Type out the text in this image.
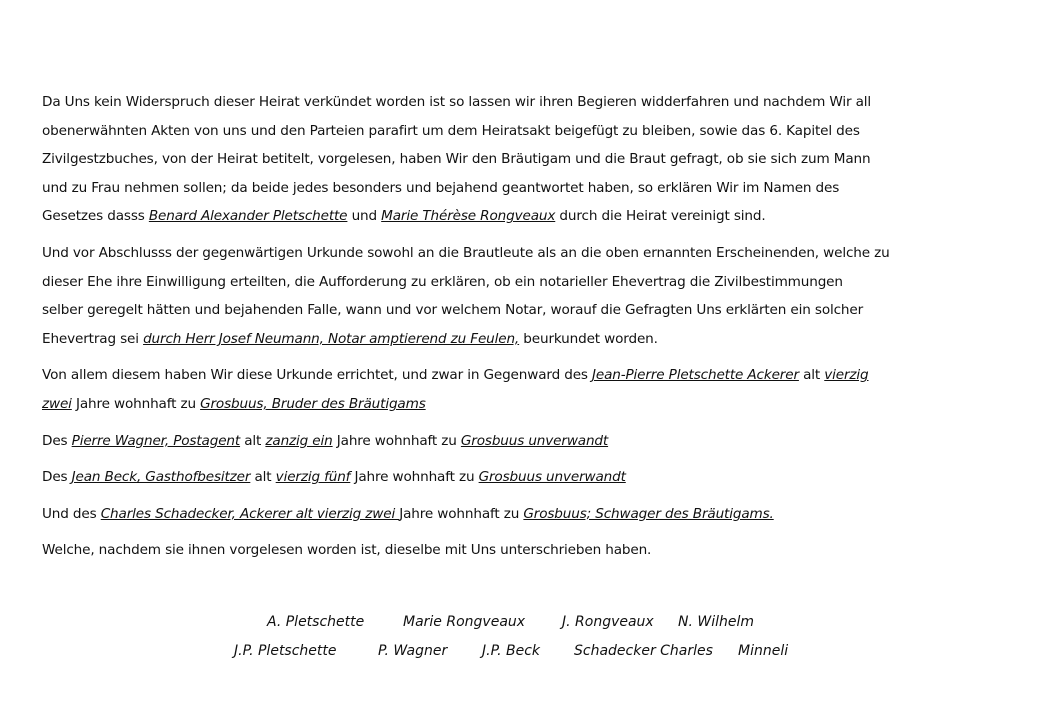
Da Uns kein Widerspruch dieser Heirat verkündet worden ist so lassen wir ihren Begieren widderfahren und nachdem Wir all
obenerwähnten Akten von uns und den Parteien parafirt um dem Heiratsakt beigefügt zu bleiben, sowie das 6. Kapitel des
Zivilgestzbuches, von der Heirat betitelt, vorgelesen, haben Wir den Bräutigam und die Braut gefragt, ob sie sich zum Mann
und zu Frau nehmen sollen; da beide jedes besonders und bejahend geantwortet haben, so erklären Wir im Namen des
Gesetzes dasss Benard Alexander Pletschette und Marie Thérèse Rongveaux durch die Heirat vereinigt sind.

Und vor Abschlusss der gegenwärtigen Urkunde sowohl an die Brautleute als an die oben ernannten Erscheinenden, welche zu
dieser Ehe ihre Einwilligung erteilten, die Aufforderung zu erklären, ob ein notarieller Ehevertrag die Zivilbestimmungen
selber geregelt hätten und bejahenden Falle, wann und vor welchem Notar, worauf die Gefragten Uns erklärten ein solcher
Ehevertrag sei durch Herr Josef Neumann, Notar amptierend zu Feulen, beurkundet worden.

Von allem diesem haben Wir diese Urkunde errichtet, und zwar in Gegenward des Jean-Pierre Pletschette Ackerer alt vierzig
zwei Jahre wohnhaft zu Grosbuus, Bruder des Bräutigams

Des Pierre Wagner, Postagent alt zanzig ein Jahre wohnhaft zu Grosbuus unverwandt

Des Jean Beck, Gasthofbesitzer alt vierzig fünf Jahre wohnhaft zu Grosbuus unverwandt

Und des Charles Schadecker, Ackerer alt vierzig zwei Jahre wohnhaft zu Grosbuus; Schwager des Bräutigams.

Welche, nachdem sie ihnen vorgelesen worden ist, dieselbe mit Uns unterschrieben haben.

A. Pletschette	Marie Rongveaux	J. Rongveaux N. Wilhelm
J.P. Pletschette	P. Wagner J.P. Beck Schadecker Charles Minneli
